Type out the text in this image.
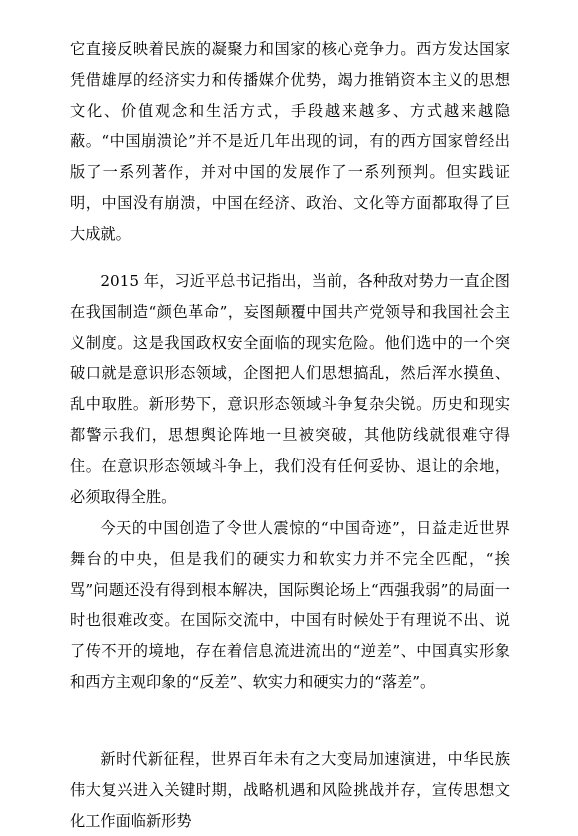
它直接反映着民族的凝聚力和国家的核心竞争力。西方发达国家凭借雄厚的经济实力和传播媒介优势，竭力推销资本主义的思想文化、价值观念和生活方式，手段越来越多、方式越来越隐蔽。“中国崩溃论”并不是近几年出现的词，有的西方国家曾经出版了一系列著作，并对中国的发展作了一系列预判。但实践证明，中国没有崩溃，中国在经济、政治、文化等方面都取得了巨大成就。

2015 年，习近平总书记指出，当前，各种敌对势力一直企图在我国制造“颜色革命”，妄图颠覆中国共产党领导和我国社会主义制度。这是我国政权安全面临的现实危险。他们选中的一个突破口就是意识形态领域，企图把人们思想搞乱，然后浑水摸鱼、乱中取胜。新形势下，意识形态领域斗争复杂尖锐。历史和现实都警示我们，思想舆论阵地一旦被突破，其他防线就很难守得住。在意识形态领域斗争上，我们没有任何妥协、退让的余地，必须取得全胜。

今天的中国创造了令世人震惊的“中国奇迹”，日益走近世界舞台的中央，但是我们的硬实力和软实力并不完全匹配，“挨骂”问题还没有得到根本解决，国际舆论场上“西强我弱”的局面一时也很难改变。在国际交流中，中国有时候处于有理说不出、说了传不开的境地，存在着信息流进流出的“逆差”、中国真实形象和西方主观印象的“反差”、软实力和硬实力的“落差”。

新时代新征程，世界百年未有之大变局加速演进，中华民族伟大复兴进入关键时期，战略机遇和风险挑战并存，宣传思想文化工作面临新形势
